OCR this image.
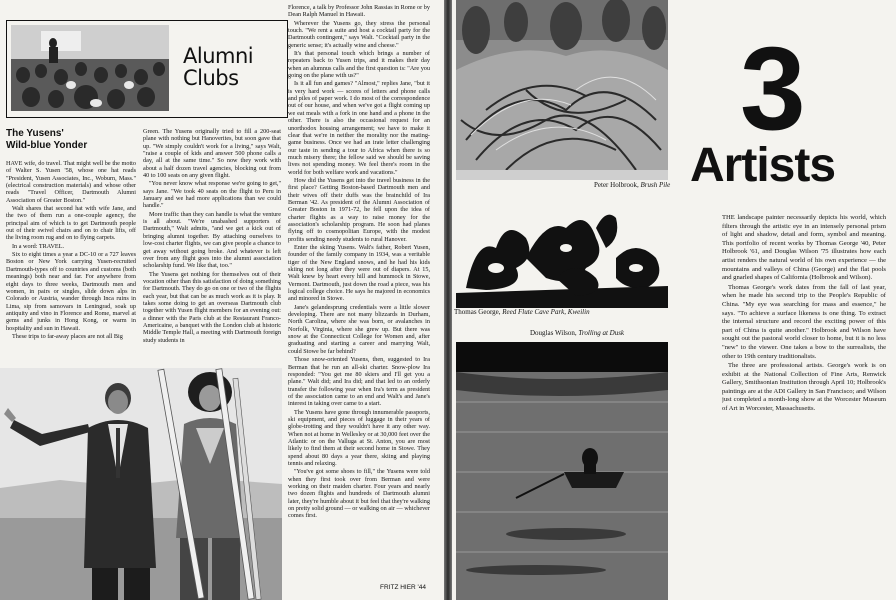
Alumni
Clubs
The Yusens'
Wild-blue Yonder

HAVE wife, do travel. That might well be the motto of Walter S. Yusen '58, whose one hat reads "President, Yusen Associates, Inc., Woburn, Mass." (electrical construction materials) and whose other reads "Travel Officer, Dartmouth Alumni Association of Greater Boston."

Walt shares that second hat with wife Jane, and the two of them run a one-couple agency, the principal aim of which is to get Dartmouth people out of their swivel chairs and on to chair lifts, off the living room rug and on to flying carpets.

In a word: TRAVEL.

Six to eight times a year a DC-10 or a 727 leaves Boston or New York carrying Yusen-recruited Dartmouth-types off to countries and customs (both meanings) both near and far. For anywhere from eight days to three weeks, Dartmouth men and women, in pairs or singles, slide down alps in Colorado or Austria, wander through Inca ruins in Lima, sip from samovars in Leningrad, soak up antiquity and vino in Florence and Rome, marvel at gems and junks in Hong Kong, or warm in hospitality and sun in Hawaii.

These trips to far-away places are not all Big

Green. The Yusens originally tried to fill a 200-seat plane with nothing but Hanoverites, but soon gave that up. "We simply couldn't work for a living," says Walt, "raise a couple of kids and answer 500 phone calls a day, all at the same time." So now they work with about a half dozen travel agencies, blocking out from 40 to 100 seats on any given flight.

"You never know what response we're going to get," says Jane. "We took 40 seats on the flight to Peru in January and we had more applications than we could handle."

More traffic than they can handle is what the venture is all about. "We're unabashed supporters of Dartmouth," Walt admits, "and we get a kick out of bringing alumni together. By attaching ourselves to low-cost charter flights, we can give people a chance to get away without going broke. And whatever is left over from any flight goes into the alumni association scholarship fund. We like that, too."

The Yusens get nothing for themselves out of their vocation other than this satisfaction of doing something for Dartmouth. They do go on one or two of the flights each year, but that can be as much work as it is play. It takes some doing to get an overseas Dartmouth club together with Yusen flight members for an evening out: a dinner with the Paris club at the Restaurant Franco-Americaine, a banquet with the London club at historic Middle Temple Hall, a meeting with Dartmouth foreign study students in

Florence, a talk by Professor John Rassias in Rome or by Dean Ralph Manuel in Hawaii.

Wherever the Yusens go, they stress the personal touch. "We rent a suite and host a cocktail party for the Dartmouth contingent," says Walt. "Cocktail party in the generic sense; it's actually wine and cheese."

It's that personal touch which brings a number of repeaters back to Yusen trips, and it makes their day when an alumnus calls and the first question is: "Are you going on the plane with us?"

Is it all fun and games? "Almost," replies Jane, "but it is very hard work — scores of letters and phone calls and piles of paper work. I do most of the correspondence out of our house, and when we've got a flight coming up we eat meals with a fork in one hand and a phone in the other. There is also the occasional request for an unorthodox housing arrangement; we have to make it clear that we're in neither the morality nor the mating-game business. Once we had an irate letter challenging our taste in sending a tour to Africa when there is so much misery there; the fellow said we should be saving lives not spending money. We feel there's room in the world for both welfare work and vacations."

How did the Yusens get into the travel business in the first place? Getting Boston-based Dartmouth men and their wives off their duffs was the brainchild of Ira Berman '42. As president of the Alumni Association of Greater Boston in 1971-72, he fell upon the idea of charter flights as a way to raise money for the association's scholarship program. He soon had planes flying off to cosmopolitan Europe, with the modest profits sending needy students to rural Hanover.

Enter the skiing Yusens. Walt's father, Robert Yusen, founder of the family company in 1934, was a veritable tiger of the New England snows, and he had his kids skiing not long after they were out of diapers. At 15, Walt knew by heart every hill and hummock in Stowe, Vermont. Dartmouth, just down the road a piece, was his logical college choice. He says he majored in economics and minored in Stowe.

Jane's gelandesprung credentials were a little slower developing. There are not many blizzards in Durham, North Carolina, where she was born, or avalanches in Norfolk, Virginia, where she grew up. But there was snow at the Connecticut College for Women and, after graduating and starting a career and marrying Walt, could Stowe be far behind?

Those snow-oriented Yusens, then, suggested to Ira Berman that he run an all-ski charter. Snow-plow Ira responded: "You get me 80 skiers and I'll get you a plane." Walt did; and Ira did; and that led to an orderly transfer the following year when Ira's term as president of the association came to an end and Walt's and Jane's interest in taking over came to a start.

The Yusens have gone through innumerable passports, ski equipment, and pieces of luggage in their years of globe-trotting and they wouldn't have it any other way. When not at home in Wellesley or at 30,000 feet over the Atlantic or on the Valluga at St. Anton, you are most likely to find them at their second home in Stowe. They spend about 80 days a year there, skiing and playing tennis and relaxing.

"You've got some shoes to fill," the Yusens were told when they first took over from Berman and were working on their maiden charter. Four years and nearly two dozen flights and hundreds of Dartmouth alumni later, they're humble about it but feel that they're walking on pretty solid ground — or walking on air — whichever comes first.

FRITZ HIER '44
Peter Holbrook, Brush Pile
Thomas George, Reed Flute Cave Park, Kweilin
Douglas Wilson, Trolling at Dusk
3
Artists

THE landscape painter necessarily depicts his world, which filters through the artistic eye in an intensely personal prism of light and shadow, detail and form, symbol and meaning. This portfolio of recent works by Thomas George '40, Peter Holbrook '61, and Douglas Wilson '75 illustrates how each artist renders the natural world of his own experience — the mountains and valleys of China (George) and the flat pools and gnarled shapes of California (Holbrook and Wilson).

Thomas George's work dates from the fall of last year, when he made his second trip to the People's Republic of China. "My eye was searching for mass and essence," he says. "To achieve a surface likeness is one thing. To extract the internal structure and record the exciting power of this part of China is quite another." Holbrook and Wilson have sought out the pastoral world closer to home, but it is no less "new" to the viewer. One takes a bow to the surrealists, the other to 19th century traditionalists.

The three are professional artists. George's work is on exhibit at the National Collection of Fine Arts, Renwick Gallery, Smithsonian Institution through April 10; Holbrook's paintings are at the ADI Gallery in San Francisco; and Wilson just completed a month-long show at the Worcester Museum of Art in Worcester, Massachusetts.
